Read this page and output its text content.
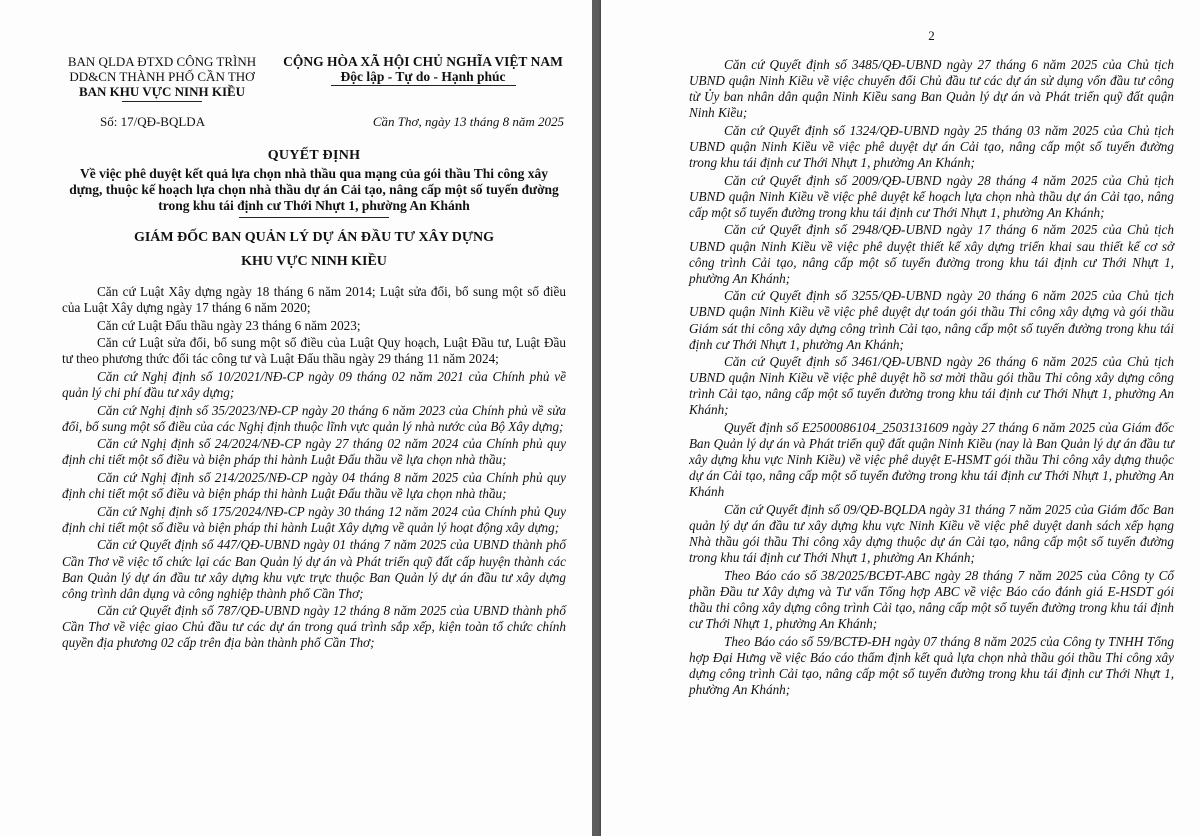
BAN QLDA ĐTXD CÔNG TRÌNH
DD&CN THÀNH PHỐ CẦN THƠ
BAN KHU VỰC NINH KIỀU
CỘNG HÒA XÃ HỘI CHỦ NGHĨA VIỆT NAM
Độc lập - Tự do - Hạnh phúc
Số: 17/QĐ-BQLDA	Cần Thơ, ngày 13 tháng 8 năm 2025
QUYẾT ĐỊNH
Về việc phê duyệt kết quả lựa chọn nhà thầu qua mạng của gói thầu Thi công xây dựng, thuộc kế hoạch lựa chọn nhà thầu dự án Cải tạo, nâng cấp một số tuyến đường trong khu tái định cư Thới Nhựt 1, phường An Khánh
GIÁM ĐỐC BAN QUẢN LÝ DỰ ÁN ĐẦU TƯ XÂY DỰNG
KHU VỰC NINH KIỀU

Căn cứ Luật Xây dựng ngày 18 tháng 6 năm 2014; Luật sửa đổi, bổ sung một số điều của Luật Xây dựng ngày 17 tháng 6 năm 2020;

Căn cứ Luật Đấu thầu ngày 23 tháng 6 năm 2023;

Căn cứ Luật sửa đổi, bổ sung một số điều của Luật Quy hoạch, Luật Đầu tư, Luật Đầu tư theo phương thức đối tác công tư và Luật Đấu thầu ngày 29 tháng 11 năm 2024;

Căn cứ Nghị định số 10/2021/NĐ-CP ngày 09 tháng 02 năm 2021 của Chính phủ về quản lý chi phí đầu tư xây dựng;

Căn cứ Nghị định số 35/2023/NĐ-CP ngày 20 tháng 6 năm 2023 của Chính phủ về sửa đổi, bổ sung một số điều của các Nghị định thuộc lĩnh vực quản lý nhà nước của Bộ Xây dựng;

Căn cứ Nghị định số 24/2024/NĐ-CP ngày 27 tháng 02 năm 2024 của Chính phủ quy định chi tiết một số điều và biện pháp thi hành Luật Đấu thầu về lựa chọn nhà thầu;

Căn cứ Nghị định số 214/2025/NĐ-CP ngày 04 tháng 8 năm 2025 của Chính phủ quy định chi tiết một số điều và biện pháp thi hành Luật Đấu thầu về lựa chọn nhà thầu;

Căn cứ Nghị định số 175/2024/NĐ-CP ngày 30 tháng 12 năm 2024 của Chính phủ Quy định chi tiết một số điều và biện pháp thi hành Luật Xây dựng về quản lý hoạt động xây dựng;

Căn cứ Quyết định số 447/QĐ-UBND ngày 01 tháng 7 năm 2025 của UBND thành phố Cần Thơ về việc tổ chức lại các Ban Quản lý dự án và Phát triển quỹ đất cấp huyện thành các Ban Quản lý dự án đầu tư xây dựng khu vực trực thuộc Ban Quản lý dự án đầu tư xây dựng công trình dân dụng và công nghiệp thành phố Cần Thơ;

Căn cứ Quyết định số 787/QĐ-UBND ngày 12 tháng 8 năm 2025 của UBND thành phố Cần Thơ về việc giao Chủ đầu tư các dự án trong quá trình sắp xếp, kiện toàn tổ chức chính quyền địa phương 02 cấp trên địa bàn thành phố Cần Thơ;

2

Căn cứ Quyết định số 3485/QĐ-UBND ngày 27 tháng 6 năm 2025 của Chủ tịch UBND quận Ninh Kiều về việc chuyển đổi Chủ đầu tư các dự án sử dụng vốn đầu tư công từ Ủy ban nhân dân quận Ninh Kiều sang Ban Quản lý dự án và Phát triển quỹ đất quận Ninh Kiều;

Căn cứ Quyết định số 1324/QĐ-UBND ngày 25 tháng 03 năm 2025 của Chủ tịch UBND quận Ninh Kiều về việc phê duyệt dự án Cải tạo, nâng cấp một số tuyến đường trong khu tái định cư Thới Nhựt 1, phường An Khánh;

Căn cứ Quyết định số 2009/QĐ-UBND ngày 28 tháng 4 năm 2025 của Chủ tịch UBND quận Ninh Kiều về việc phê duyệt kế hoạch lựa chọn nhà thầu dự án Cải tạo, nâng cấp một số tuyến đường trong khu tái định cư Thới Nhựt 1, phường An Khánh;

Căn cứ Quyết định số 2948/QĐ-UBND ngày 17 tháng 6 năm 2025 của Chủ tịch UBND quận Ninh Kiều về việc phê duyệt thiết kế xây dựng triển khai sau thiết kế cơ sở công trình Cải tạo, nâng cấp một số tuyến đường trong khu tái định cư Thới Nhựt 1, phường An Khánh;

Căn cứ Quyết định số 3255/QĐ-UBND ngày 20 tháng 6 năm 2025 của Chủ tịch UBND quận Ninh Kiều về việc phê duyệt dự toán gói thầu Thi công xây dựng và gói thầu Giám sát thi công xây dựng công trình Cải tạo, nâng cấp một số tuyến đường trong khu tái định cư Thới Nhựt 1, phường An Khánh;

Căn cứ Quyết định số 3461/QĐ-UBND ngày 26 tháng 6 năm 2025 của Chủ tịch UBND quận Ninh Kiều về việc phê duyệt hồ sơ mời thầu gói thầu Thi công xây dựng công trình Cải tạo, nâng cấp một số tuyến đường trong khu tái định cư Thới Nhựt 1, phường An Khánh;

Quyết định số E2500086104_2503131609 ngày 27 tháng 6 năm 2025 của Giám đốc Ban Quản lý dự án và Phát triển quỹ đất quận Ninh Kiều (nay là Ban Quản lý dự án đầu tư xây dựng khu vực Ninh Kiều) về việc phê duyệt E-HSMT gói thầu Thi công xây dựng thuộc dự án Cải tạo, nâng cấp một số tuyến đường trong khu tái định cư Thới Nhựt 1, phường An Khánh

Căn cứ Quyết định số 09/QĐ-BQLDA ngày 31 tháng 7 năm 2025 của Giám đốc Ban quản lý dự án đầu tư xây dựng khu vực Ninh Kiều về việc phê duyệt danh sách xếp hạng Nhà thầu gói thầu Thi công xây dựng thuộc dự án Cải tạo, nâng cấp một số tuyến đường trong khu tái định cư Thới Nhựt 1, phường An Khánh;

Theo Báo cáo số 38/2025/BCĐT-ABC ngày 28 tháng 7 năm 2025 của Công ty Cổ phần Đầu tư Xây dựng và Tư vấn Tổng hợp ABC về việc Báo cáo đánh giá E-HSDT gói thầu thi công xây dựng công trình Cải tạo, nâng cấp một số tuyến đường trong khu tái định cư Thới Nhựt 1, phường An Khánh;

Theo Báo cáo số 59/BCTĐ-ĐH ngày 07 tháng 8 năm 2025 của Công ty TNHH Tổng hợp Đại Hưng về việc Báo cáo thẩm định kết quả lựa chọn nhà thầu gói thầu Thi công xây dựng công trình Cải tạo, nâng cấp một số tuyến đường trong khu tái định cư Thới Nhựt 1, phường An Khánh;
